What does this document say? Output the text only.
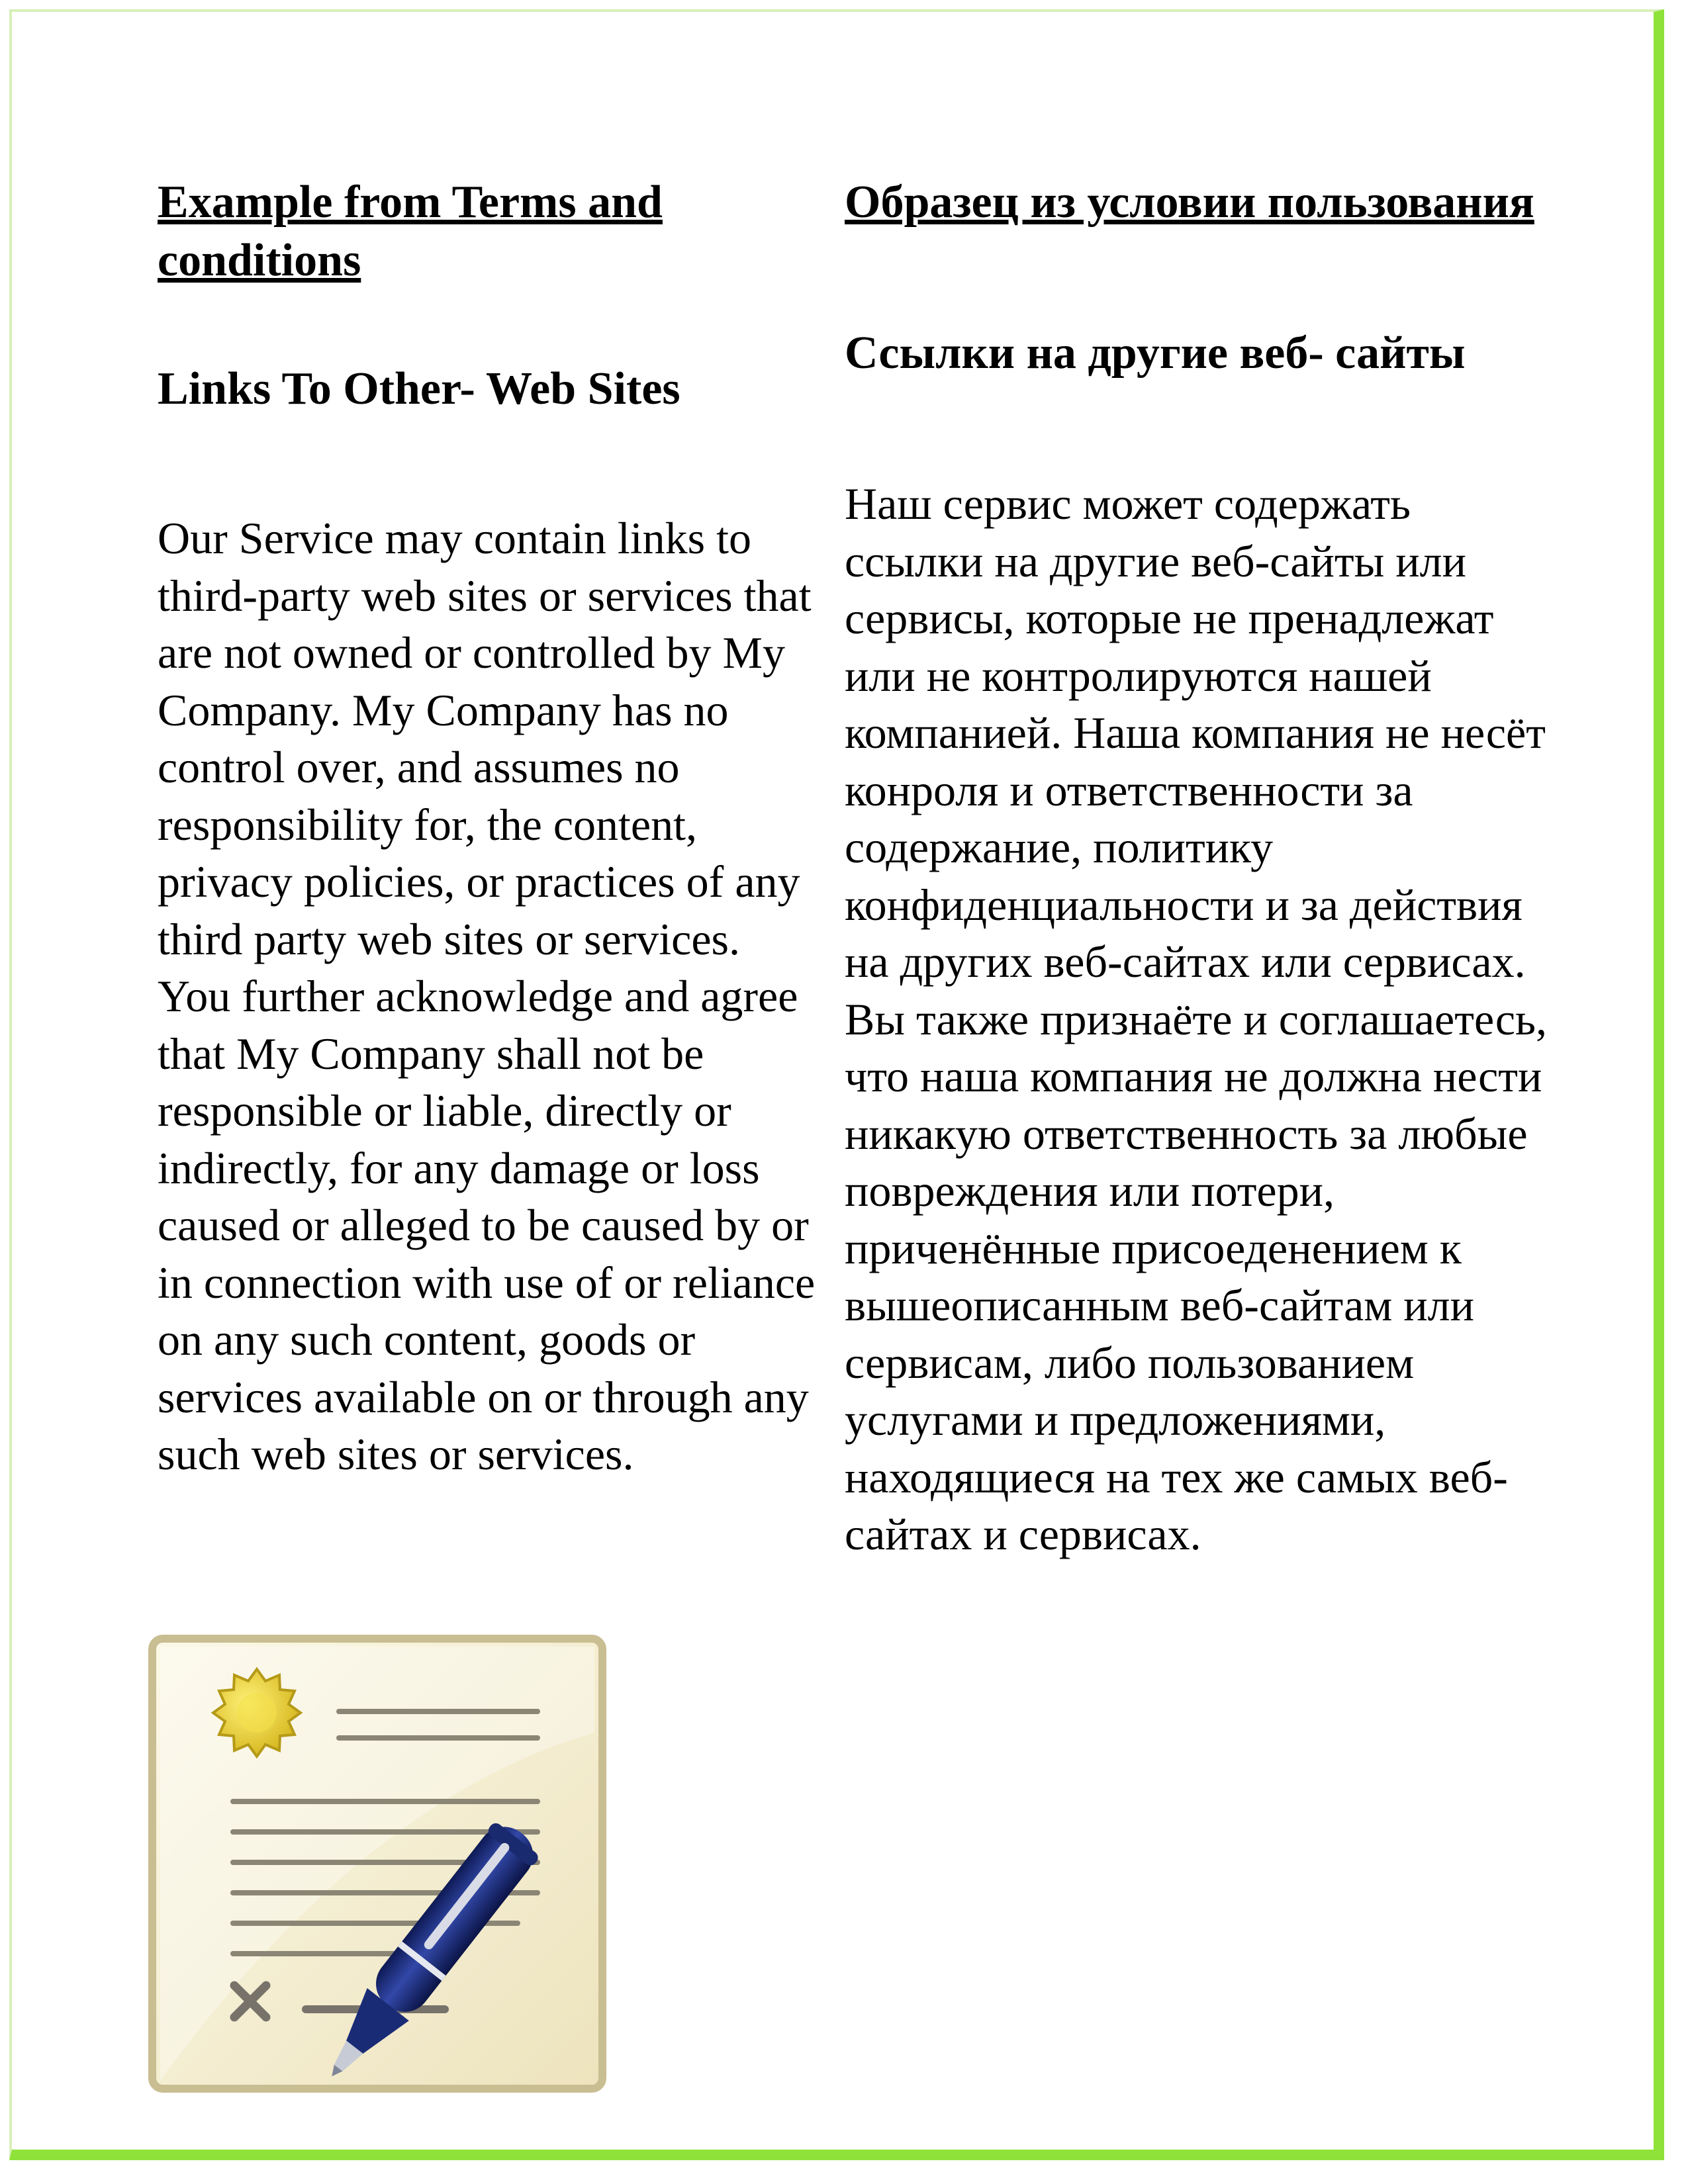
Example from Terms and conditions

Links To Other- Web Sites

Our Service may contain links to third-party web sites or services that are not owned or controlled by My Company. My Company has no control over, and assumes no responsibility for, the content, privacy policies, or practices of any third party web sites or services. You further acknowledge and agree that My Company shall not be responsible or liable, directly or indirectly, for any damage or loss caused or alleged to be caused by or in connection with use of or reliance on any such content, goods or services available on or through any such web sites or services.

Образец из условии пользования

Ссылки на другие веб- сайты

Наш сервис может содержать ссылки на другие веб-сайты или сервисы, которые не пренадлежат или не контролируются нашей компанией. Наша компания не несёт конроля и ответственности за содержание, политику конфиденциальности и за действия на других веб-сайтах или сервисах. Вы также признаёте и соглашаетесь, что наша компания не должна нести никакую ответственность за любые повреждения или потери, приченённые присоеденением к вышеописанным веб-сайтам или сервисам, либо пользованием услугами и предложениями, находящиеся на тех же самых веб-сайтах и сервисах.
